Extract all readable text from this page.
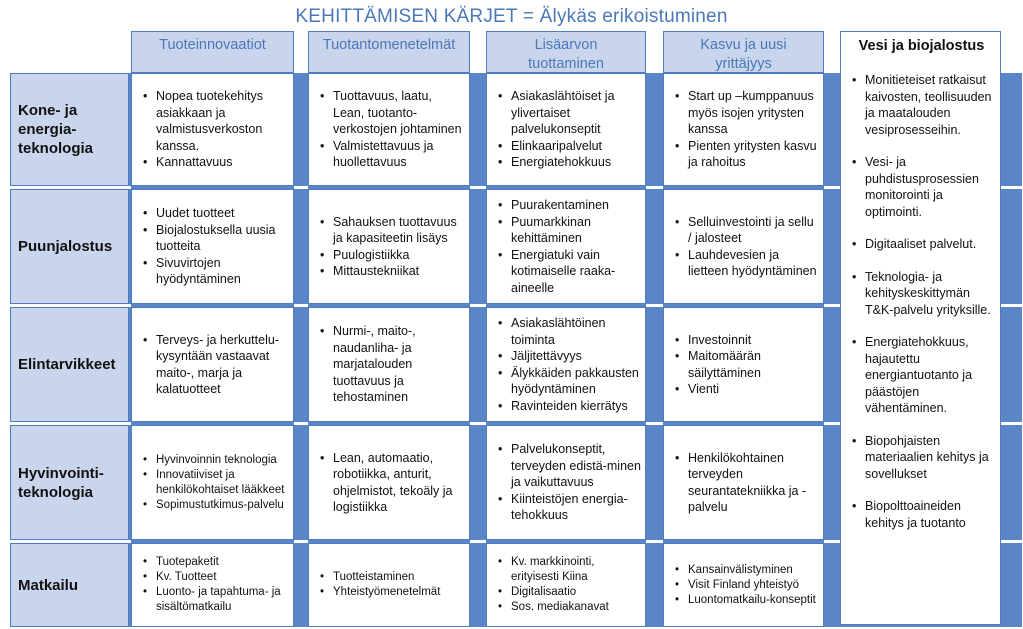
KEHITTÄMISEN KÄRJET = Älykäs erikoistuminen
Tuoteinnovaatiot	Tuotantomenetelmät	Lisäarvon tuottaminen
Kasvu ja uusi yrittäjyys
Kone- ja energia-teknologia
Puunjalostus
Elintarvikkeet
Hyvinvointi-teknologia
Matkailu
• Nopea tuotekehitys asiakkaan ja valmistusverkoston kanssa.
• Kannattavuus
• Tuottavuus, laatu, Lean, tuotanto-verkostojen johtaminen
• Valmistettavuus ja huollettavuus
• Asiakaslähtöiset ja ylivertaiset palvelukonseptit
• Elinkaaripalvelut
• Energiatehokkuus
• Start up –kumppanuus myös isojen yritysten kanssa
• Pienten yritysten kasvu ja rahoitus
• Uudet tuotteet
• Biojalostuksella uusia tuotteita
• Sivuvirtojen hyödyntäminen
• Sahauksen tuottavuus ja kapasiteetin lisäys
• Puulogistiikka
• Mittaustekniikat
• Puurakentaminen
• Puumarkkinan kehittäminen
• Energiatuki vain kotimaiselle raaka-aineelle
• Selluinvestointi ja sellu / jalosteet
• Lauhdevesien ja lietteen hyödyntäminen
• Terveys- ja herkuttelu-kysyntään vastaavat maito-, marja ja kalatuotteet
• Nurmi-, maito-, naudanliha- ja marjatalouden tuottavuus ja tehostaminen
• Asiakaslähtöinen toiminta
• Jäljitettävyys
• Älykkäiden pakkausten hyödyntäminen
• Ravinteiden kierrätys
• Investoinnit
• Maitomäärän säilyttäminen
• Vienti
• Hyvinvoinnin teknologia
• Innovatiiviset ja henkilökohtaiset lääkkeet
• Sopimustutkimus-palvelu
• Lean, automaatio, robotiikka, anturit, ohjelmistot, tekoäly ja logistiikka
• Palvelukonseptit, terveyden edistä-minen ja vaikuttavuus
• Kiinteistöjen energia-tehokkuus
• Henkilökohtainen terveyden seurantatekniikka ja -palvelu
• Tuotepaketit
• Kv. Tuotteet
• Luonto- ja tapahtuma- ja sisältömatkailu
• Tuotteistaminen
• Yhteistyömenetelmät
• Kv. markkinointi, erityisesti Kiina
• Digitalisaatio
• Sos. mediakanavat
• Kansainvälistyminen
• Visit Finland yhteistyö
• Luontomatkailu-konseptit
Vesi ja biojalostus
• Monitieteiset ratkaisut kaivosten, teollisuuden ja maatalouden vesiprosesseihin.
• Vesi- ja puhdistusprosessien monitorointi ja optimointi.
• Digitaaliset palvelut.
• Teknologia- ja kehityskeskittymän T&K-palvelu yrityksille.
• Energiatehokkuus, hajautettu energiantuotanto ja päästöjen vähentäminen.
• Biopohjaisten materiaalien kehitys ja sovellukset
• Biopolttoaineiden kehitys ja tuotanto
